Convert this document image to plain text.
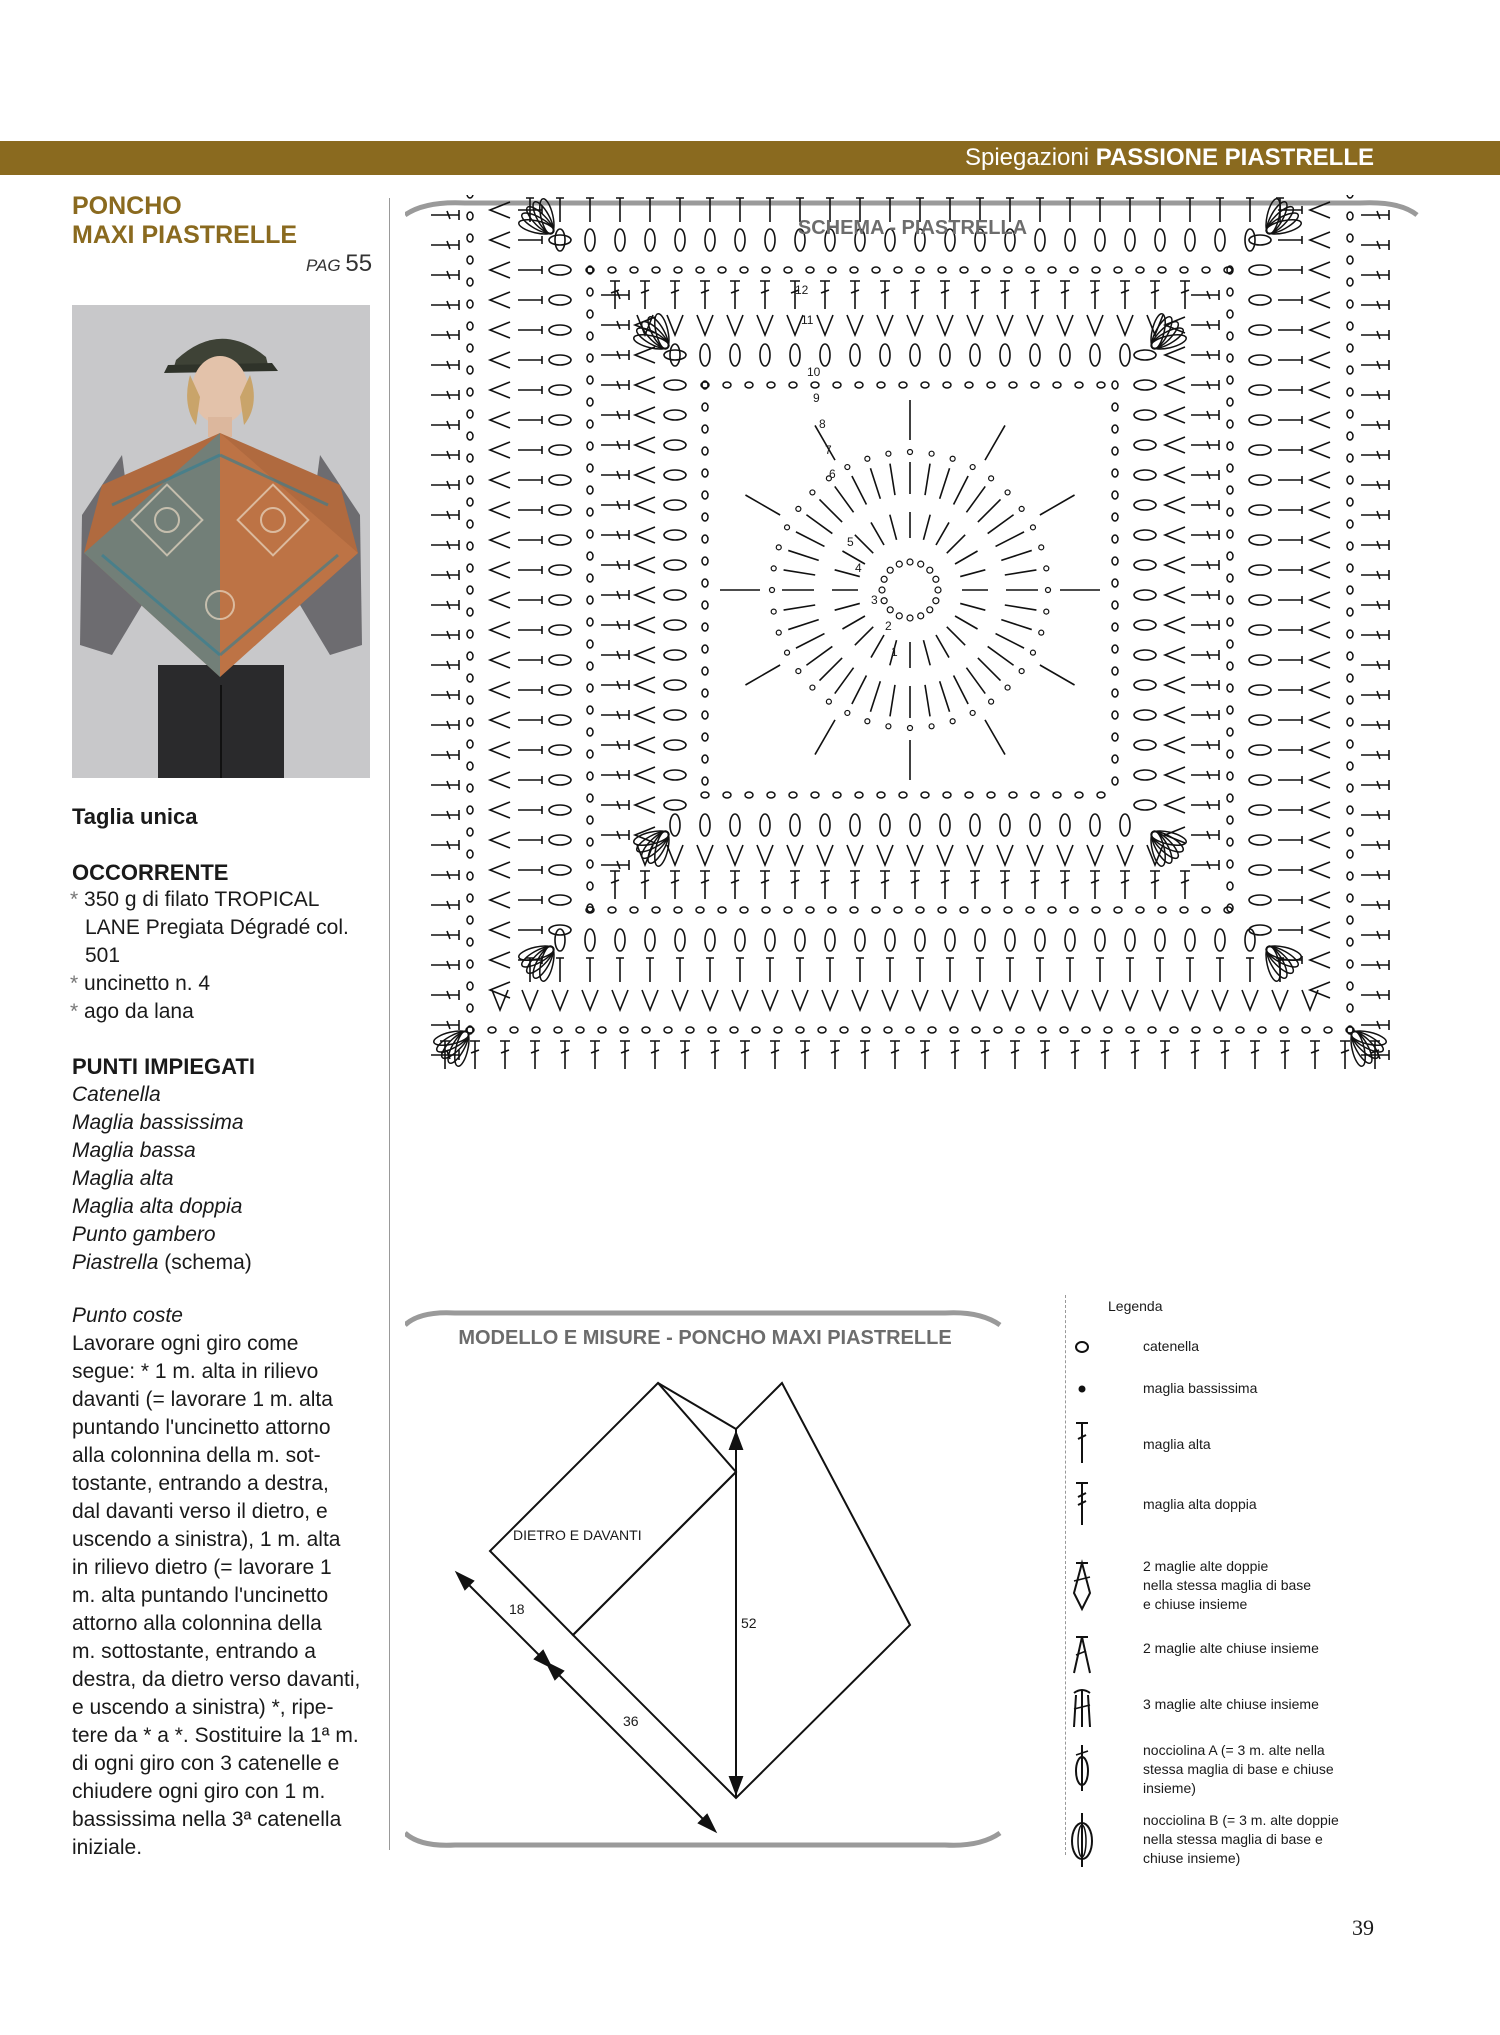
Spiegazioni PASSIONE PIASTRELLE
PONCHO
MAXI PIASTRELLE
PAG 55
Taglia unica
OCCORRENTE
* 350 g di filato TROPICAL
LANE Pregiata Dégradé col.
501
* uncinetto n. 4
* ago da lana
PUNTI IMPIEGATI
Catenella
Maglia bassissima
Maglia bassa
Maglia alta
Maglia alta doppia
Punto gambero
Piastrella (schema)
Punto coste
Lavorare ogni giro come
segue: * 1 m. alta in rilievo
davanti (= lavorare 1 m. alta
puntando l'uncinetto attorno
alla colonnina della m. sot-
tostante, entrando a destra,
dal davanti verso il dietro, e
uscendo a sinistra), 1 m. alta
in rilievo dietro (= lavorare 1
m. alta puntando l'uncinetto
attorno alla colonnina della
m. sottostante, entrando a
destra, da dietro verso davanti,
e uscendo a sinistra) *, ripe-
tere da * a *. Sostituire la 1ª m.
di ogni giro con 3 catenelle e
chiudere ogni giro con 1 m.
bassissima nella 3ª catenella
iniziale.
SCHEMA - PIASTRELLA
1
2
3
4
5
6
7
8
9
10
11
12
MODELLO E MISURE - PONCHO MAXI PIASTRELLE
DIETRO E DAVANTI
18
36
52
Legenda
catenella
maglia bassissima
maglia alta
maglia alta doppia
2 maglie alte doppie
nella stessa maglia di base
e chiuse insieme
2 maglie alte chiuse insieme
3 maglie alte chiuse insieme
nocciolina A (= 3 m. alte nella
stessa maglia di base e chiuse
insieme)
nocciolina B (= 3 m. alte doppie
nella stessa maglia di base e
chiuse insieme)
39
